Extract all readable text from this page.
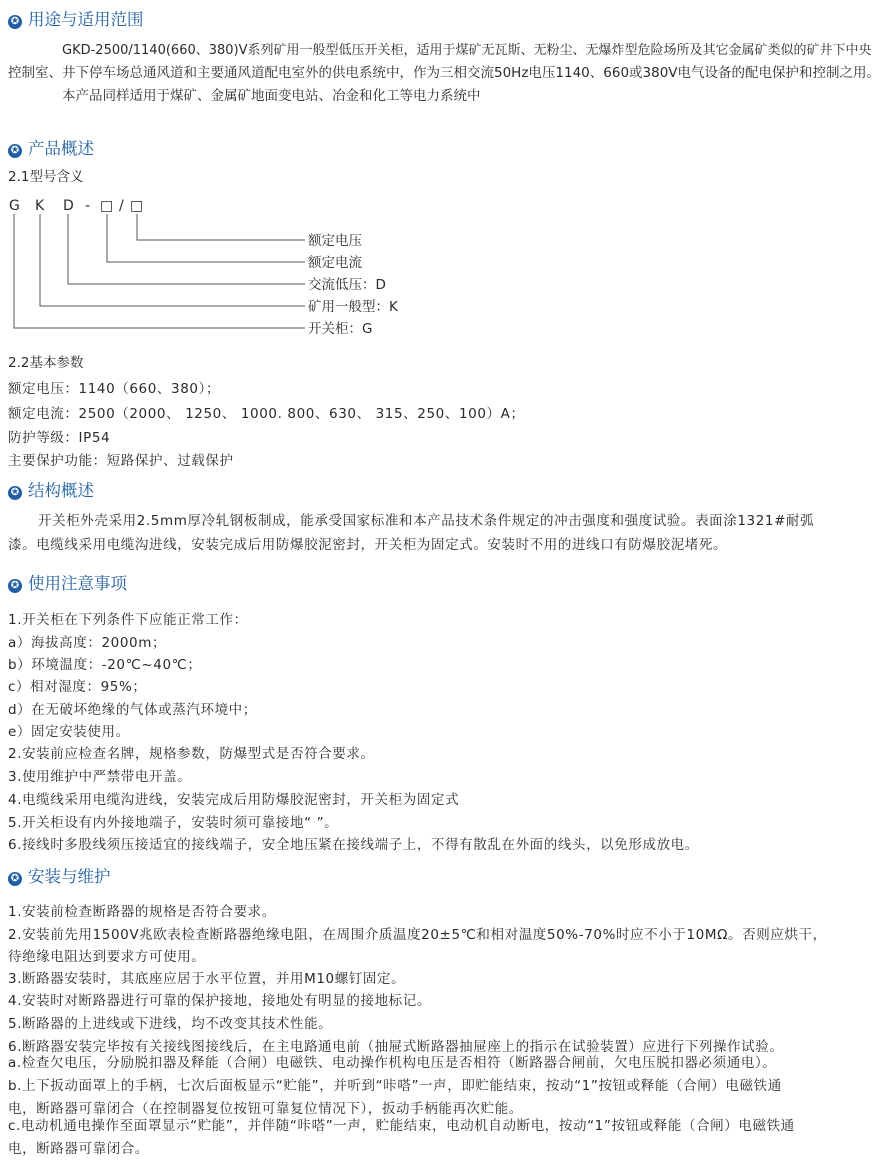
✪ 用途与适用范围
GKD-2500/1140(660、380)V系列矿用一般型低压开关柜，适用于煤矿无瓦斯、无粉尘、无爆炸型危险场所及其它金属矿类似的矿井下中央
控制室、井下停车场总通风道和主要通风道配电室外的供电系统中，作为三相交流50Hz电压1140、660或380V电气设备的配电保护和控制之用。
本产品同样适用于煤矿、金属矿地面变电站、冶金和化工等电力系统中
✪ 产品概述
2.1型号含义
G K D - □ / □
额定电压
额定电流
交流低压：D
矿用一般型：K
开关柜：G
2.2基本参数
额定电压：1140（660、380）；
额定电流：2500（2000、 1250、 1000. 800、630、 315、250、100）A；
防护等级：IP54
主要保护功能：短路保护、过载保护
✪ 结构概述
开关柜外壳采用2.5mm厚冷轧钢板制成，能承受国家标准和本产品技术条件规定的冲击强度和强度试验。表面涂1321#耐弧
漆。电缆线采用电缆沟进线，安装完成后用防爆胶泥密封，开关柜为固定式。安装时不用的进线口有防爆胶泥堵死。
✪ 使用注意事项
1.开关柜在下列条件下应能正常工作：
a）海拔高度：2000m；
b）环境温度：-20℃~40℃；
c）相对湿度：95%；
d）在无破坏绝缘的气体或蒸汽环境中；
e）固定安装使用。
2.安装前应检查名牌，规格参数，防爆型式是否符合要求。
3.使用维护中严禁带电开盖。
4.电缆线采用电缆沟进线，安装完成后用防爆胶泥密封，开关柜为固定式
5.开关柜设有内外接地端子，安装时须可靠接地“ ”。
6.接线时多股线须压接适宜的接线端子，安全地压紧在接线端子上，不得有散乱在外面的线头，以免形成放电。
✪ 安装与维护
1.安装前检查断路器的规格是否符合要求。
2.安装前先用1500V兆欧表检查断路器绝缘电阻，在周围介质温度20±5℃和相对温度50%-70%时应不小于10MΩ。否则应烘干，
待绝缘电阻达到要求方可使用。
3.断路器安装时，其底座应居于水平位置，并用M10螺钉固定。
4.安装时对断路器进行可靠的保护接地，接地处有明显的接地标记。
5.断路器的上进线或下进线，均不改变其技术性能。
6.断路器安装完毕按有关接线图接线后，在主电路通电前（抽屉式断路器抽屉座上的指示在试验装置）应进行下列操作试验。
a.检查欠电压，分励脱扣器及释能（合闸）电磁铁、电动操作机构电压是否相符（断路器合闸前，欠电压脱扣器必须通电）。
b.上下扳动面罩上的手柄，七次后面板显示“贮能”，并听到“咔嗒”一声，即贮能结束，按动“1”按钮或释能（合闸）电磁铁通
电，断路器可靠闭合（在控制器复位按钮可靠复位情况下），扳动手柄能再次贮能。
c.电动机通电操作至面罩显示“贮能”，并伴随“咔嗒”一声，贮能结束，电动机自动断电，按动“1”按钮或释能（合闸）电磁铁通
电，断路器可靠闭合。
